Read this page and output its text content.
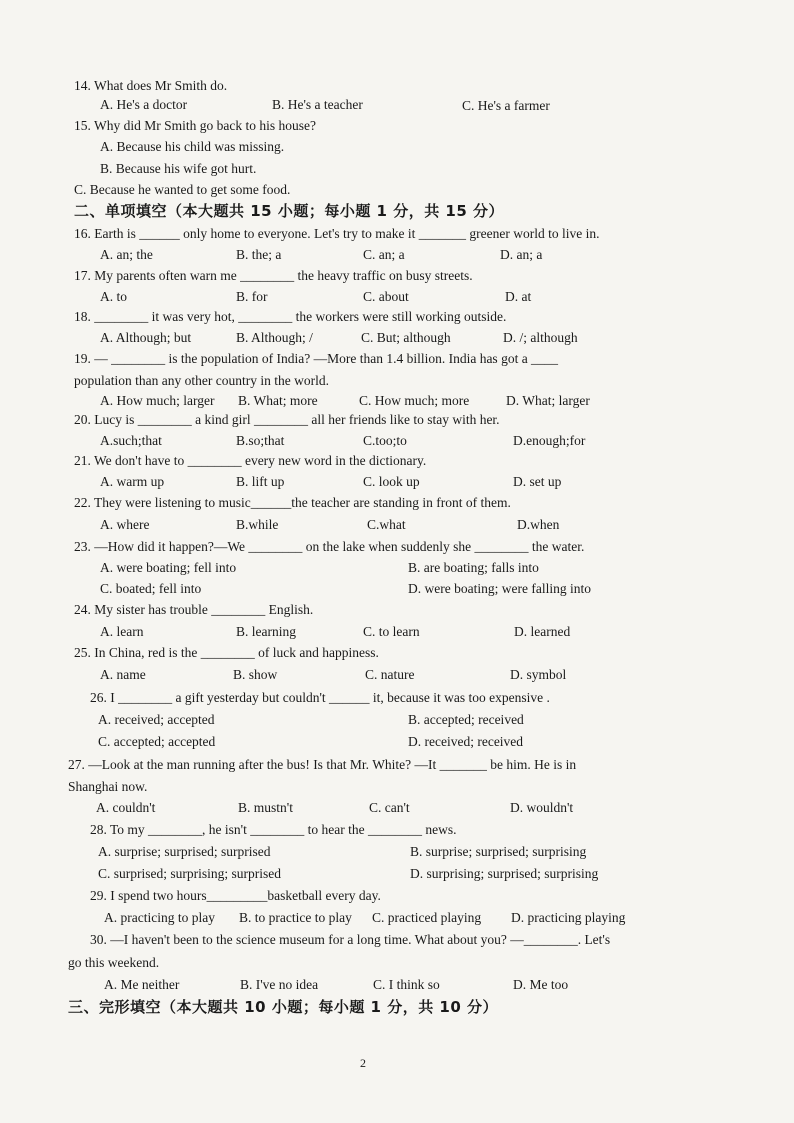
14. What does Mr Smith do.
A. He's a doctor	B. He's a teacher	C. He's a farmer
15. Why did Mr Smith go back to his house?
A. Because his child was missing.
B. Because his wife got hurt.
C. Because he wanted to get some food.
二、单项填空（本大题共 15 小题；每小题 1 分，共 15 分）
16. Earth is ______ only home to everyone. Let's try to make it _______ greener world to live in.
A. an; the	B. the; a	C. an; a	D. an; a
17. My parents often warn me ________ the heavy traffic on busy streets.
A. to	B. for	C. about	D. at
18. ________ it was very hot, ________ the workers were still working outside.
A. Although; but	B. Although; /	C. But; although	D. /; although
19. — ________ is the population of India? —More than 1.4 billion. India has got a ____
population than any other country in the world.
A. How much; larger B. What; more	C. How much; more	D. What; larger
20. Lucy is ________ a kind girl ________ all her friends like to stay with her.
A.such;that	B.so;that	C.too;to	D.enough;for
21. We don't have to ________ every new word in the dictionary.
A. warm up	B. lift up	C. look up	D. set up
22. They were listening to music______the teacher are standing in front of them.
A. where	B.while	C.what	D.when
23. —How did it happen?—We ________ on the lake when suddenly she ________ the water.
A. were boating; fell into	B. are boating; falls into
C. boated; fell into	D. were boating; were falling into
24. My sister has trouble ________ English.
A. learn	B. learning	C. to learn	D. learned
25. In China, red is the ________ of luck and happiness.
A. name	B. show	C. nature	D. symbol
26. I ________ a gift yesterday but couldn't ______ it, because it was too expensive .
A. received; accepted	B. accepted; received
C. accepted; accepted	D. received; received
27. —Look at the man running after the bus! Is that Mr. White? —It _______ be him. He is in
Shanghai now.
A. couldn't	B. mustn't	C. can't	D. wouldn't
28. To my ________, he isn't ________ to hear the ________ news.
A. surprise; surprised; surprised	B. surprise; surprised; surprising
C. surprised; surprising; surprised	D. surprising; surprised; surprising
29. I spend two hours_________basketball every day.
A. practicing to play B. to practice to play C. practiced playing D. practicing playing
30. —I haven't been to the science museum for a long time. What about you? —________. Let's
go this weekend.
A. Me neither	B. I've no idea	C. I think so	D. Me too
三、完形填空（本大题共 10 小题；每小题 1 分，共 10 分）
2
